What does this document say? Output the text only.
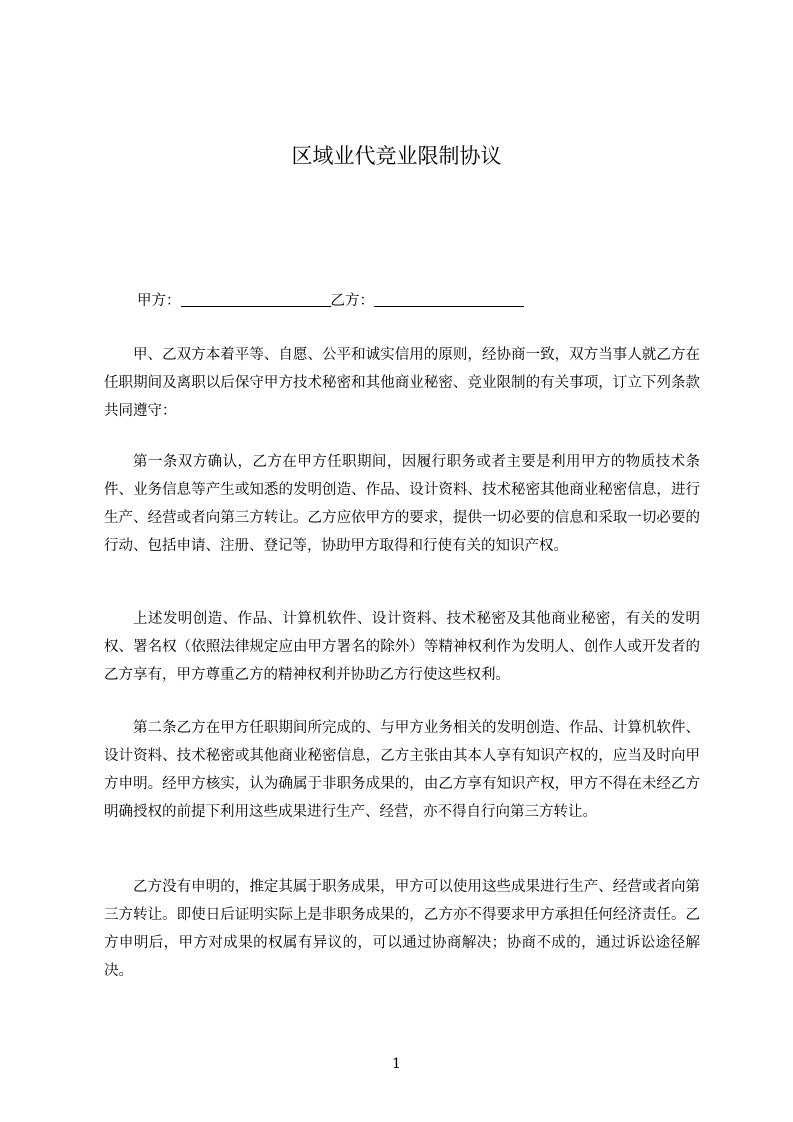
区域业代竞业限制协议
甲方：	乙方：

甲、乙双方本着平等、自愿、公平和诚实信用的原则，经协商一致，双方当事人就乙方在任职期间及离职以后保守甲方技术秘密和其他商业秘密、竞业限制的有关事项，订立下列条款共同遵守：

第一条双方确认，乙方在甲方任职期间，因履行职务或者主要是利用甲方的物质技术条件、业务信息等产生或知悉的发明创造、作品、设计资料、技术秘密其他商业秘密信息，进行生产、经营或者向第三方转让。乙方应依甲方的要求，提供一切必要的信息和采取一切必要的行动、包括申请、注册、登记等，协助甲方取得和行使有关的知识产权。

上述发明创造、作品、计算机软件、设计资料、技术秘密及其他商业秘密，有关的发明权、署名权（依照法律规定应由甲方署名的除外）等精神权利作为发明人、创作人或开发者的乙方享有，甲方尊重乙方的精神权利并协助乙方行使这些权利。

第二条乙方在甲方任职期间所完成的、与甲方业务相关的发明创造、作品、计算机软件、设计资料、技术秘密或其他商业秘密信息，乙方主张由其本人享有知识产权的，应当及时向甲方申明。经甲方核实，认为确属于非职务成果的，由乙方享有知识产权，甲方不得在未经乙方明确授权的前提下利用这些成果进行生产、经营，亦不得自行向第三方转让。

乙方没有申明的，推定其属于职务成果，甲方可以使用这些成果进行生产、经营或者向第三方转让。即使日后证明实际上是非职务成果的，乙方亦不得要求甲方承担任何经济责任。乙方申明后，甲方对成果的权属有异议的，可以通过协商解决；协商不成的，通过诉讼途径解决。

1
